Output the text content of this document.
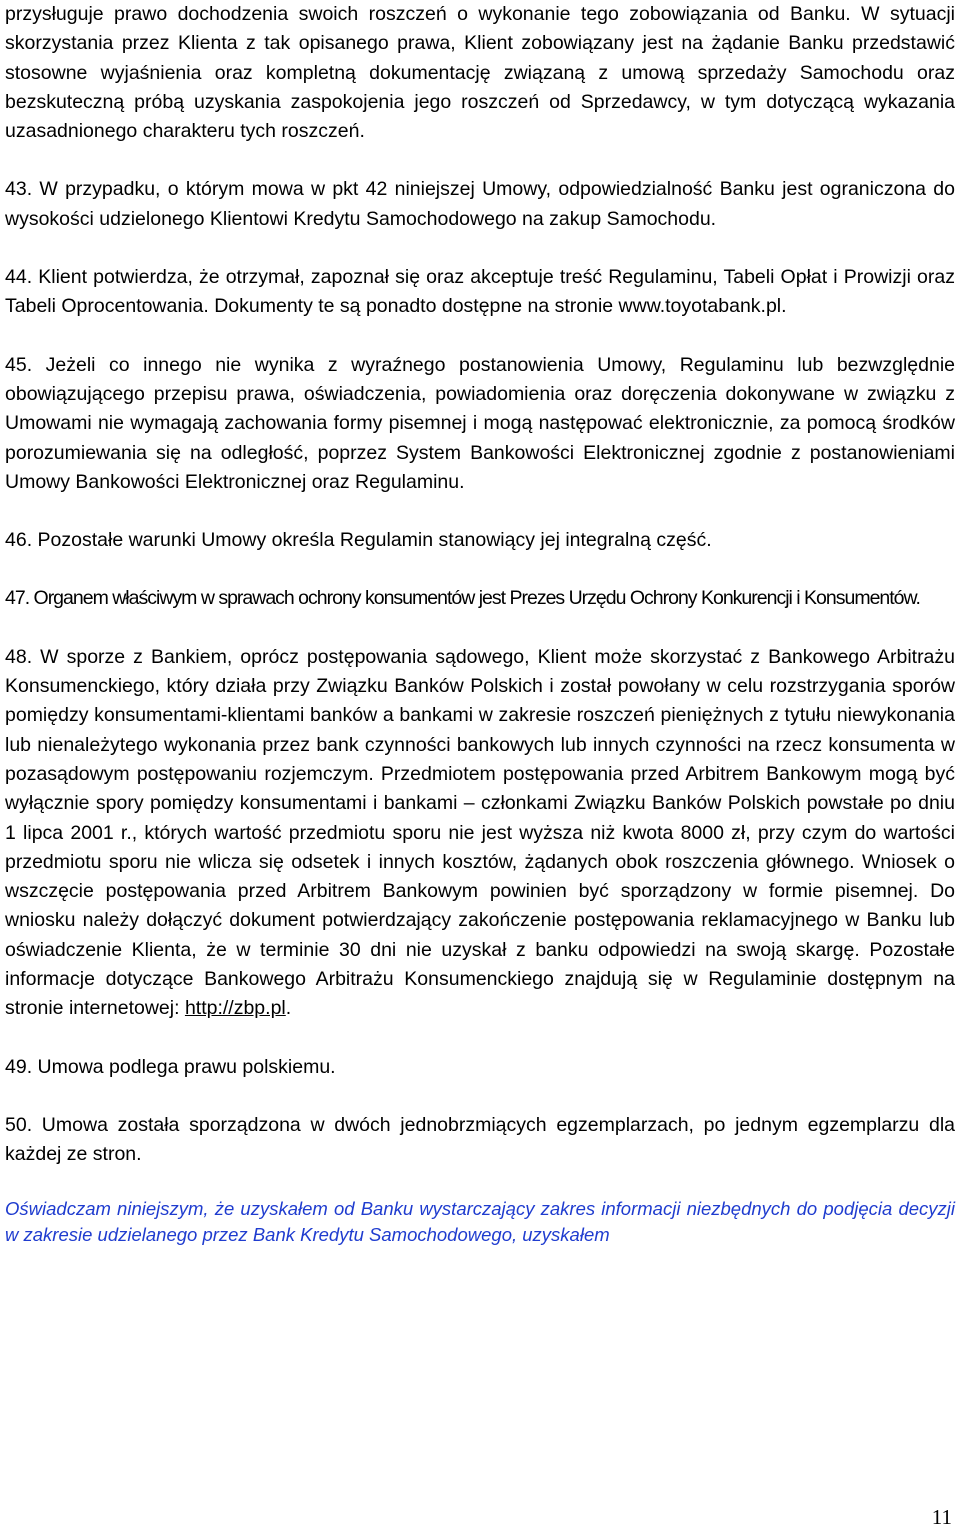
przysługuje prawo dochodzenia swoich roszczeń o wykonanie tego zobowiązania od Banku. W sytuacji skorzystania przez Klienta z tak opisanego prawa, Klient zobowiązany jest na żądanie Banku przedstawić stosowne wyjaśnienia oraz kompletną dokumentację związaną z umową sprzedaży Samochodu oraz bezskuteczną próbą uzyskania zaspokojenia jego roszczeń od Sprzedawcy, w tym dotyczącą wykazania uzasadnionego charakteru tych roszczeń.

43. W przypadku, o którym mowa w pkt 42 niniejszej Umowy, odpowiedzialność Banku jest ograniczona do wysokości udzielonego Klientowi Kredytu Samochodowego na zakup Samochodu.

44. Klient potwierdza, że otrzymał, zapoznał się oraz akceptuje treść Regulaminu, Tabeli Opłat i Prowizji oraz Tabeli Oprocentowania. Dokumenty te są ponadto dostępne na stronie www.toyotabank.pl.

45. Jeżeli co innego nie wynika z wyraźnego postanowienia Umowy, Regulaminu lub bezwzględnie obowiązującego przepisu prawa, oświadczenia, powiadomienia oraz doręczenia dokonywane w związku z Umowami nie wymagają zachowania formy pisemnej i mogą następować elektronicznie, za pomocą środków porozumiewania się na odległość, poprzez System Bankowości Elektronicznej zgodnie z postanowieniami Umowy Bankowości Elektronicznej oraz Regulaminu.

46. Pozostałe warunki Umowy określa Regulamin stanowiący jej integralną część.

47. Organem właściwym w sprawach ochrony konsumentów jest Prezes Urzędu Ochrony Konkurencji i Konsumentów.

48. W sporze z Bankiem, oprócz postępowania sądowego, Klient może skorzystać z Bankowego Arbitrażu Konsumenckiego, który działa przy Związku Banków Polskich i został powołany w celu rozstrzygania sporów pomiędzy konsumentami-klientami banków a bankami w zakresie roszczeń pieniężnych z tytułu niewykonania lub nienależytego wykonania przez bank czynności bankowych lub innych czynności na rzecz konsumenta w pozasądowym postępowaniu rozjemczym. Przedmiotem postępowania przed Arbitrem Bankowym mogą być wyłącznie spory pomiędzy konsumentami i bankami – członkami Związku Banków Polskich powstałe po dniu 1 lipca 2001 r., których wartość przedmiotu sporu nie jest wyższa niż kwota 8000 zł, przy czym do wartości przedmiotu sporu nie wlicza się odsetek i innych kosztów, żądanych obok roszczenia głównego. Wniosek o wszczęcie postępowania przed Arbitrem Bankowym powinien być sporządzony w formie pisemnej. Do wniosku należy dołączyć dokument potwierdzający zakończenie postępowania reklamacyjnego w Banku lub oświadczenie Klienta, że w terminie 30 dni nie uzyskał z banku odpowiedzi na swoją skargę. Pozostałe informacje dotyczące Bankowego Arbitrażu Konsumenckiego znajdują się w Regulaminie dostępnym na stronie internetowej: http://zbp.pl.

49. Umowa podlega prawu polskiemu.

50. Umowa została sporządzona w dwóch jednobrzmiących egzemplarzach, po jednym egzemplarzu dla każdej ze stron.

Oświadczam niniejszym, że uzyskałem od Banku wystarczający zakres informacji niezbędnych do podjęcia decyzji w zakresie udzielanego przez Bank Kredytu Samochodowego, uzyskałem

11
